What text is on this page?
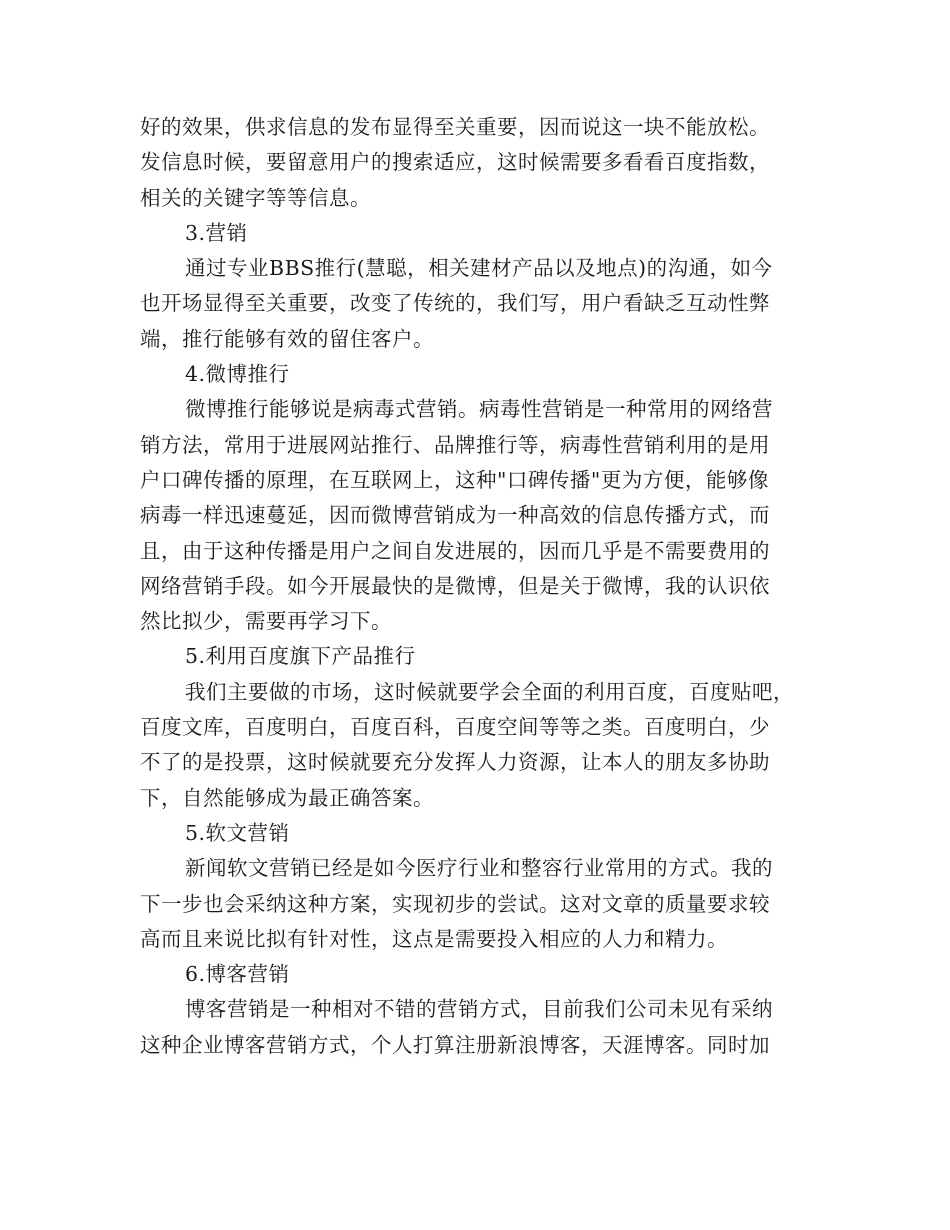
好的效果，供求信息的发布显得至关重要，因而说这一块不能放松。
发信息时候，要留意用户的搜索适应，这时候需要多看看百度指数，
相关的关键字等等信息。
3.营销
通过专业BBS推行(慧聪，相关建材产品以及地点)的沟通，如今
也开场显得至关重要，改变了传统的，我们写，用户看缺乏互动性弊
端，推行能够有效的留住客户。
4.微博推行
微博推行能够说是病毒式营销。病毒性营销是一种常用的网络营
销方法，常用于进展网站推行、品牌推行等，病毒性营销利用的是用
户口碑传播的原理，在互联网上，这种"口碑传播"更为方便，能够像
病毒一样迅速蔓延，因而微博营销成为一种高效的信息传播方式，而
且，由于这种传播是用户之间自发进展的，因而几乎是不需要费用的
网络营销手段。如今开展最快的是微博，但是关于微博，我的认识依
然比拟少，需要再学习下。
5.利用百度旗下产品推行
我们主要做的市场，这时候就要学会全面的利用百度，百度贴吧，
百度文库，百度明白，百度百科，百度空间等等之类。百度明白，少
不了的是投票，这时候就要充分发挥人力资源，让本人的朋友多协助
下，自然能够成为最正确答案。
5.软文营销
新闻软文营销已经是如今医疗行业和整容行业常用的方式。我的
下一步也会采纳这种方案，实现初步的尝试。这对文章的质量要求较
高而且来说比拟有针对性，这点是需要投入相应的人力和精力。
6.博客营销
博客营销是一种相对不错的营销方式，目前我们公司未见有采纳
这种企业博客营销方式，个人打算注册新浪博客，天涯博客。同时加
